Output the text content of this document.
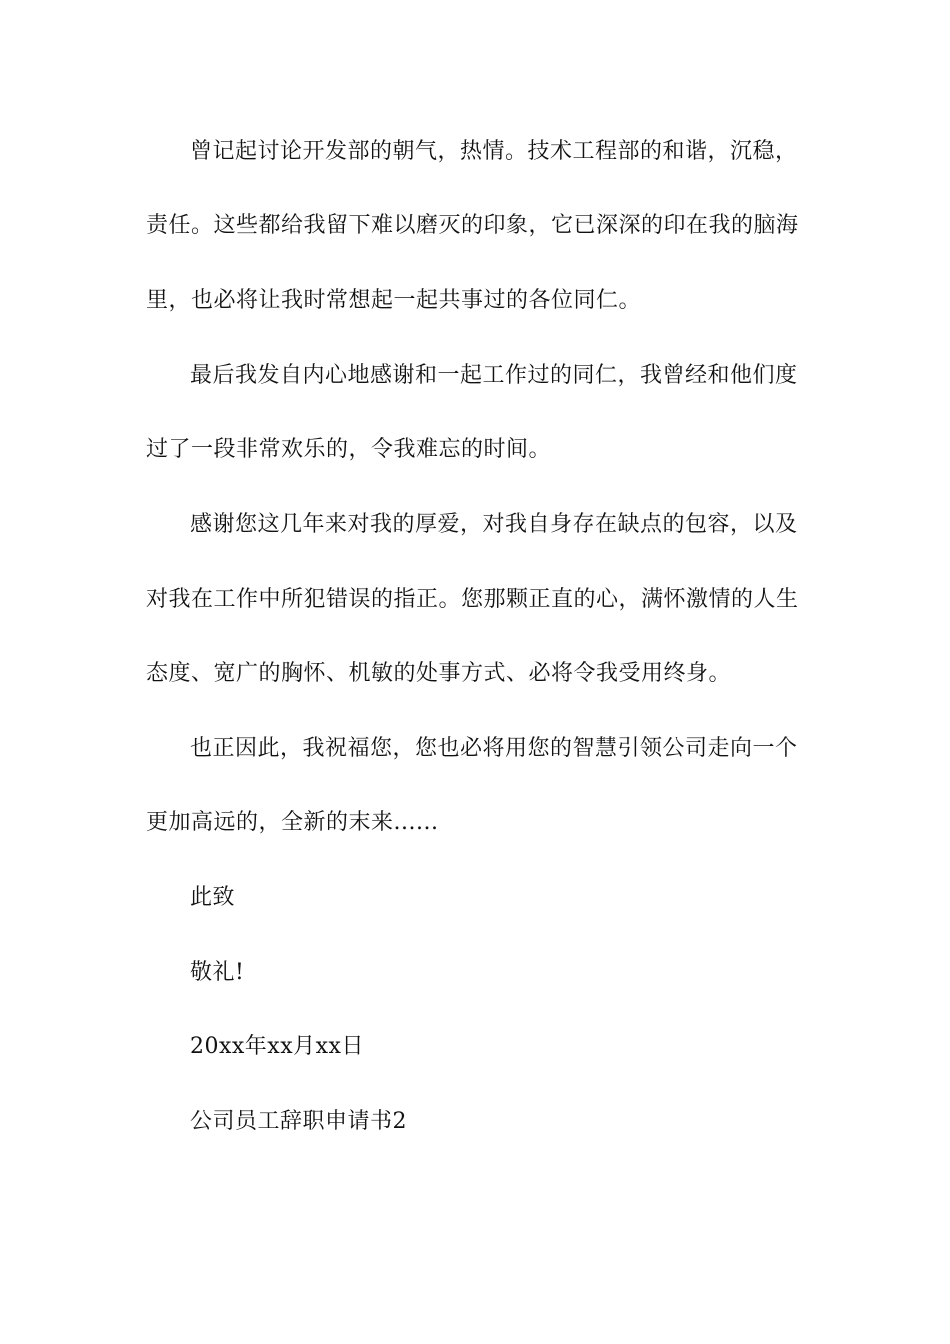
曾记起讨论开发部的朝气，热情。技术工程部的和谐，沉稳，
责任。这些都给我留下难以磨灭的印象，它已深深的印在我的脑海
里，也必将让我时常想起一起共事过的各位同仁。
最后我发自内心地感谢和一起工作过的同仁，我曾经和他们度
过了一段非常欢乐的，令我难忘的时间。
感谢您这几年来对我的厚爱，对我自身存在缺点的包容，以及
对我在工作中所犯错误的指正。您那颗正直的心，满怀激情的人生
态度、宽广的胸怀、机敏的处事方式、必将令我受用终身。
也正因此，我祝福您，您也必将用您的智慧引领公司走向一个
更加高远的，全新的末来......
此致
敬礼!
20xx年xx月xx日
公司员工辞职申请书2
